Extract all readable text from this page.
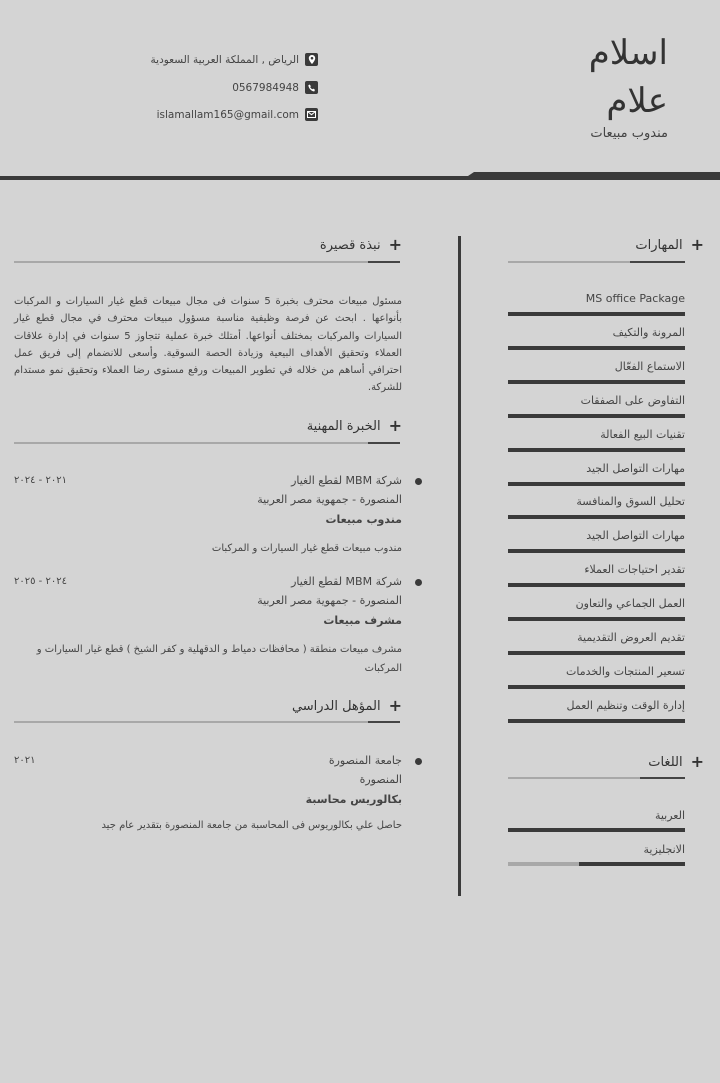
اسلام
علام
مندوب مبيعات
الرياض , المملكة العربية السعودية
0567984948
islamallam165@gmail.com
+
المهارات
MS office Package
المرونة والتكيف
الاستماع الفعّال
التفاوض على الصفقات
تقنيات البيع الفعالة
مهارات التواصل الجيد
تحليل السوق والمنافسة
مهارات التواصل الجيد
تقدير احتياجات العملاء
العمل الجماعي والتعاون
تقديم العروض التقديمية
تسعير المنتجات والخدمات
إدارة الوقت وتنظيم العمل
+
اللغات
العربية
الانجليزية
+
نبذة قصيرة
مسئول مبيعات محترف بخبرة 5 سنوات فى مجال مبيعات قطع غيار السيارات و المركبات بأنواعها . ابحث عن فرصة وظيفية مناسبة مسؤول مبيعات محترف في مجال قطع غيار السيارات والمركبات بمختلف أنواعها. أمتلك خبرة عملية تتجاوز 5 سنوات في إدارة علاقات العملاء وتحقيق الأهداف البيعية وزيادة الحصة السوقية. وأسعى للانضمام إلى فريق عمل احترافي أساهم من خلاله في تطوير المبيعات ورفع مستوى رضا العملاء وتحقيق نمو مستدام للشركة.
+
الخبرة المهنية
٢٠٢١ - ٢٠٢٤	شركة MBM لقطع الغيار
المنصورة - جمهوية مصر العربية
مندوب مبيعات
مندوب مبيعات قطع غيار السيارات و المركبات
٢٠٢٤ - ٢٠٢٥	شركة MBM لقطع الغيار
المنصورة - جمهوية مصر العربية
مشرف مبيعات
مشرف مبيعات منطقة ( محافظات دمياط و الدقهلية و كفر الشيخ ) قطع غيار السيارات و المركبات
+
المؤهل الدراسي
٢٠٢١	جامعة المنصورة
المنصورة
بكالوريس محاسبة
حاصل علي بكالوريوس فى المحاسبة من جامعة المنصورة بتقدير عام جيد
